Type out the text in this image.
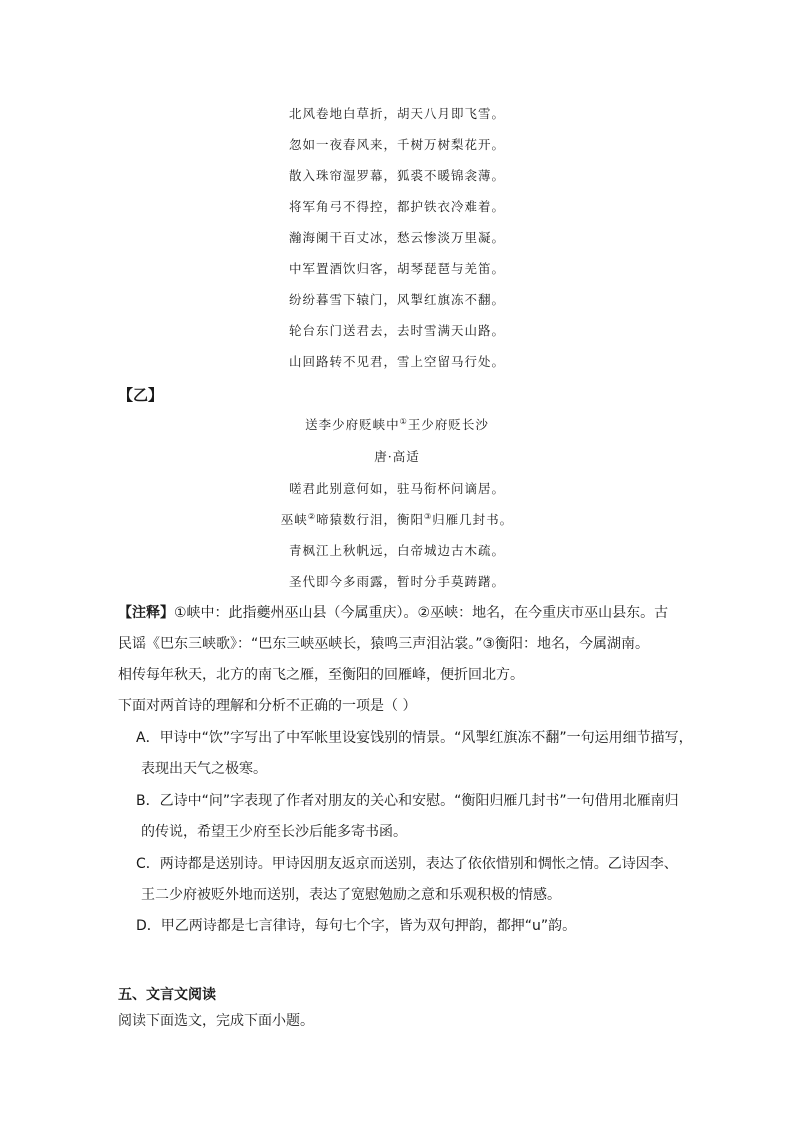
北风卷地白草折，胡天八月即飞雪。
忽如一夜春风来，千树万树梨花开。
散入珠帘湿罗幕，狐裘不暖锦衾薄。
将军角弓不得控，都护铁衣冷难着。
瀚海阑干百丈冰，愁云惨淡万里凝。
中军置酒饮归客，胡琴琵琶与羌笛。
纷纷暮雪下辕门，风掣红旗冻不翻。
轮台东门送君去，去时雪满天山路。
山回路转不见君，雪上空留马行处。
【乙】
送李少府贬峡中①王少府贬长沙
唐·高适
嗟君此别意何如，驻马衔杯问谪居。
巫峡②啼猿数行泪，衡阳③归雁几封书。
青枫江上秋帆远，白帝城边古木疏。
圣代即今多雨露，暂时分手莫踌躇。
【注释】①峡中：此指夔州巫山县（今属重庆）。②巫峡：地名，在今重庆市巫山县东。古
民谣《巴东三峡歌》：“巴东三峡巫峡长，猿鸣三声泪沾裳。”③衡阳：地名，今属湖南。
相传每年秋天，北方的南飞之雁，至衡阳的回雁峰，便折回北方。
下面对两首诗的理解和分析不正确的一项是（ ）
A．甲诗中“饮”字写出了中军帐里设宴饯别的情景。“风掣红旗冻不翻”一句运用细节描写，
表现出天气之极寒。
B．乙诗中“问”字表现了作者对朋友的关心和安慰。“衡阳归雁几封书”一句借用北雁南归
的传说，希望王少府至长沙后能多寄书函。
C．两诗都是送别诗。甲诗因朋友返京而送别，表达了依依惜别和惆怅之情。乙诗因李、
王二少府被贬外地而送别，表达了宽慰勉励之意和乐观积极的情感。
D．甲乙两诗都是七言律诗，每句七个字，皆为双句押韵，都押“u”韵。
五、文言文阅读
阅读下面选文，完成下面小题。
